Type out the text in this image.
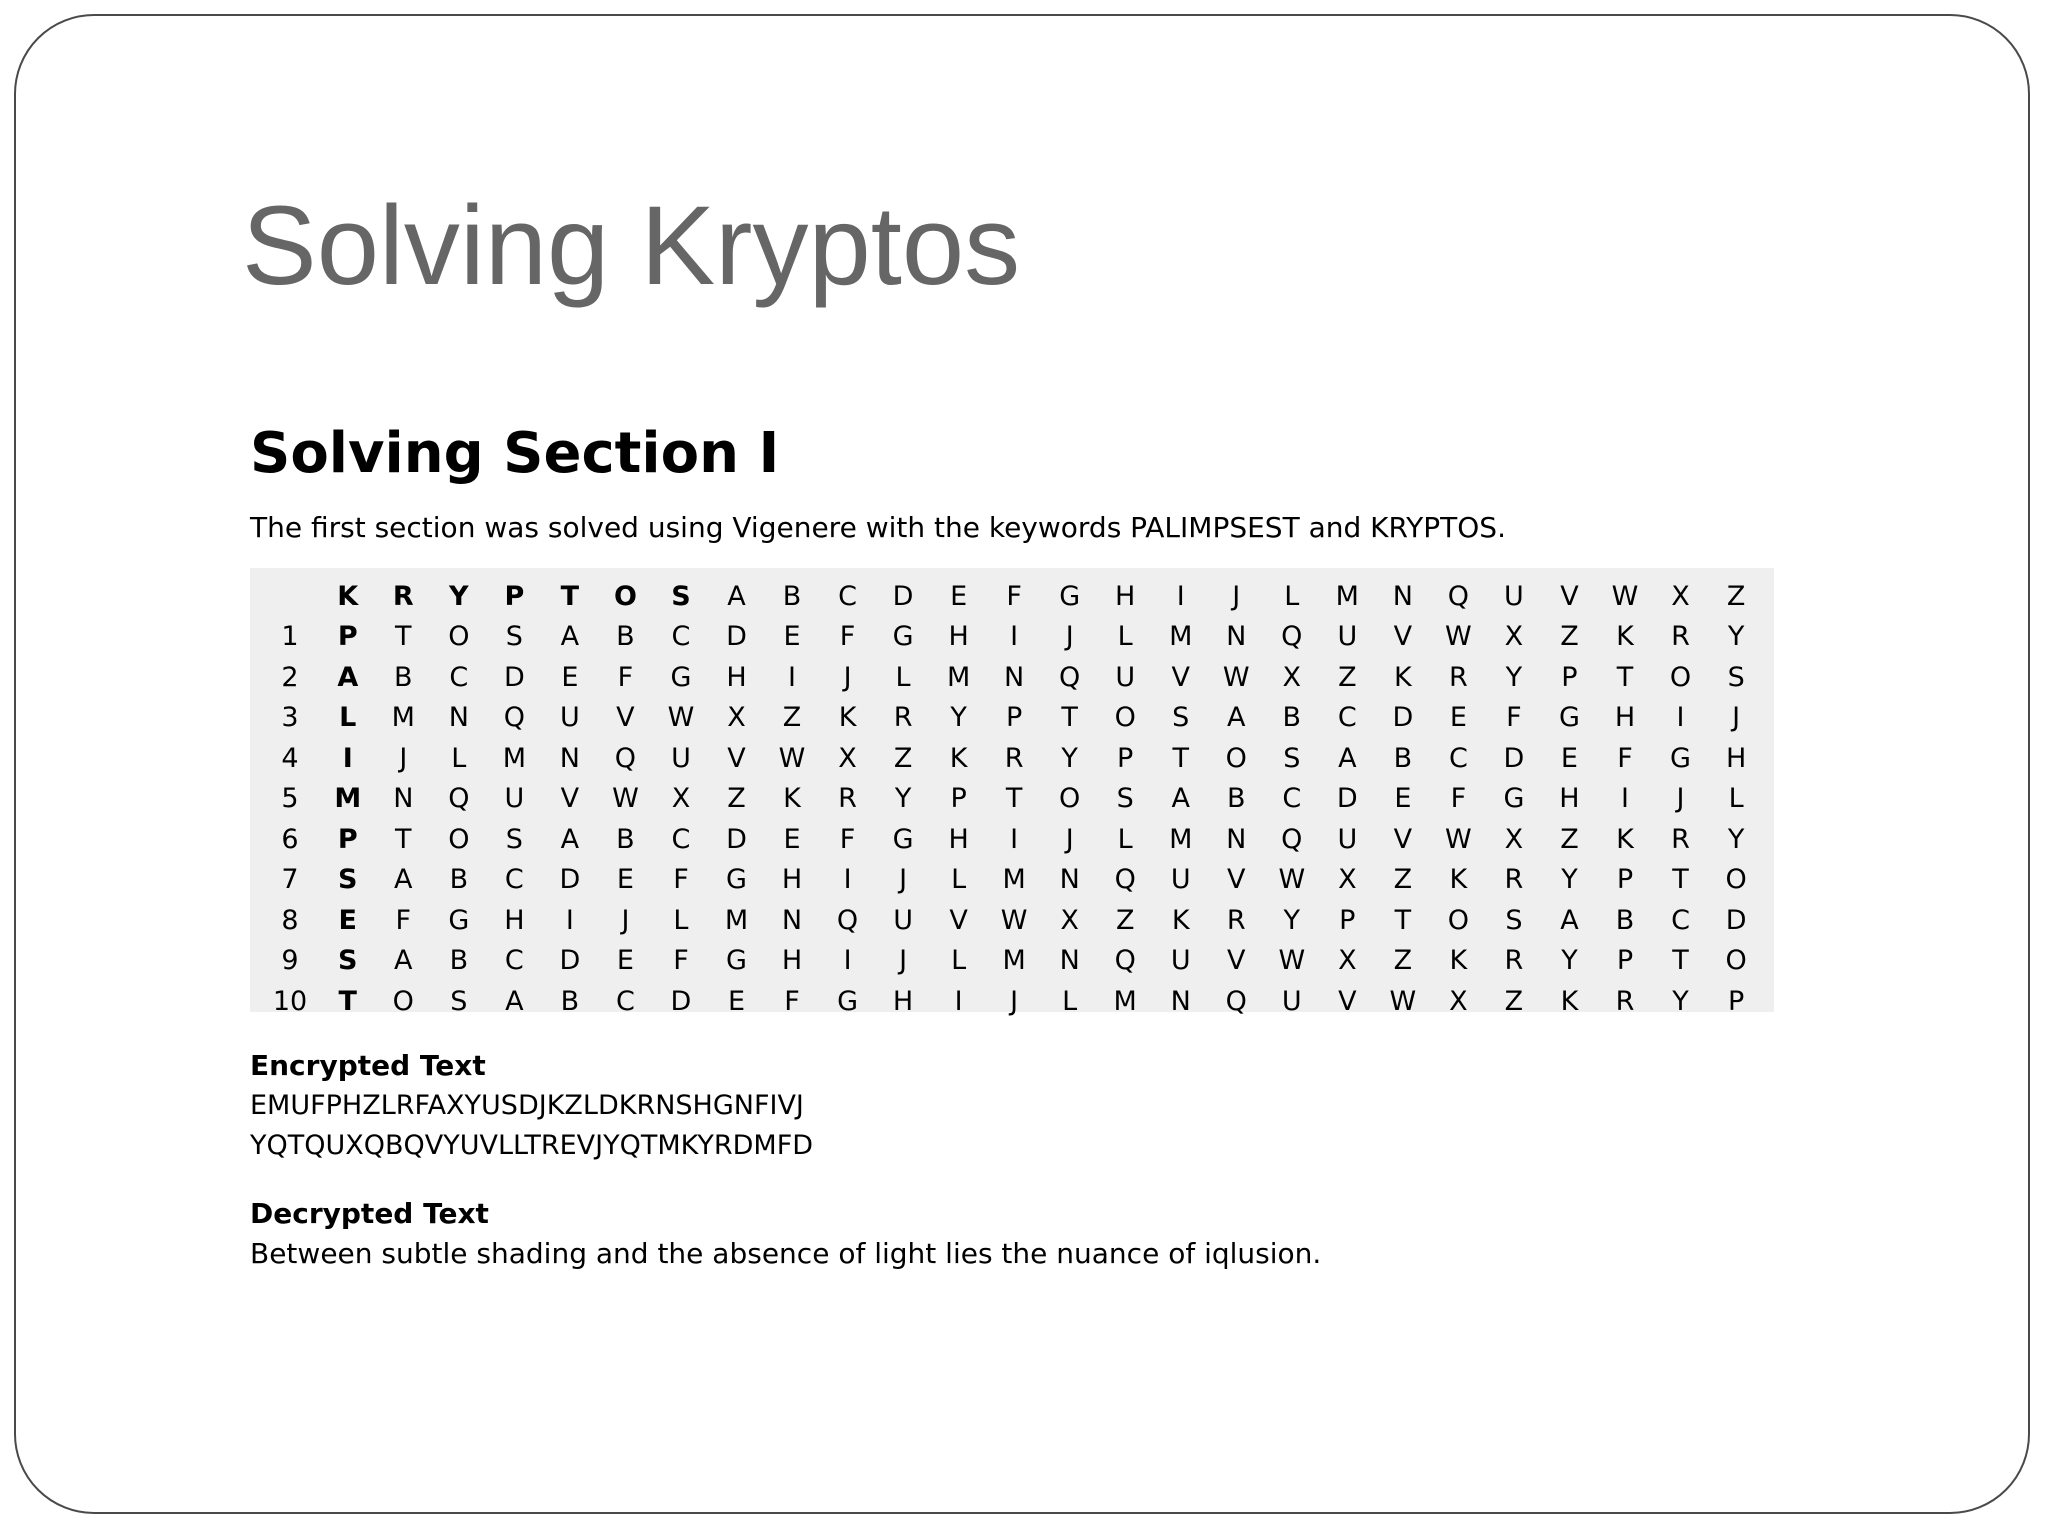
Solving Kryptos
Solving Section I

The first section was solved using Vigenere with the keywords PALIMPSEST and KRYPTOS.

	K	R	Y	P	T	O	S	A	B	C	D	E	F	G	H	I	J	L	M	N	Q	U	V	W	X	Z
1	P	T	O	S	A	B	C	D	E	F	G	H	I	J	L	M	N	Q	U	V	W	X	Z	K	R	Y
2	A	B	C	D	E	F	G	H	I	J	L	M	N	Q	U	V	W	X	Z	K	R	Y	P	T	O	S
3	L	M	N	Q	U	V	W	X	Z	K	R	Y	P	T	O	S	A	B	C	D	E	F	G	H	I	J
4	I	J	L	M	N	Q	U	V	W	X	Z	K	R	Y	P	T	O	S	A	B	C	D	E	F	G	H
5	M	N	Q	U	V	W	X	Z	K	R	Y	P	T	O	S	A	B	C	D	E	F	G	H	I	J	L
6	P	T	O	S	A	B	C	D	E	F	G	H	I	J	L	M	N	Q	U	V	W	X	Z	K	R	Y
7	S	A	B	C	D	E	F	G	H	I	J	L	M	N	Q	U	V	W	X	Z	K	R	Y	P	T	O
8	E	F	G	H	I	J	L	M	N	Q	U	V	W	X	Z	K	R	Y	P	T	O	S	A	B	C	D
9	S	A	B	C	D	E	F	G	H	I	J	L	M	N	Q	U	V	W	X	Z	K	R	Y	P	T	O
10	T	O	S	A	B	C	D	E	F	G	H	I	J	L	M	N	Q	U	V	W	X	Z	K	R	Y	P

Encrypted Text

EMUFPHZLRFAXYUSDJKZLDKRNSHGNFIVJ

YQTQUXQBQVYUVLLTREVJYQTMKYRDMFD

Decrypted Text

Between subtle shading and the absence of light lies the nuance of iqlusion.
